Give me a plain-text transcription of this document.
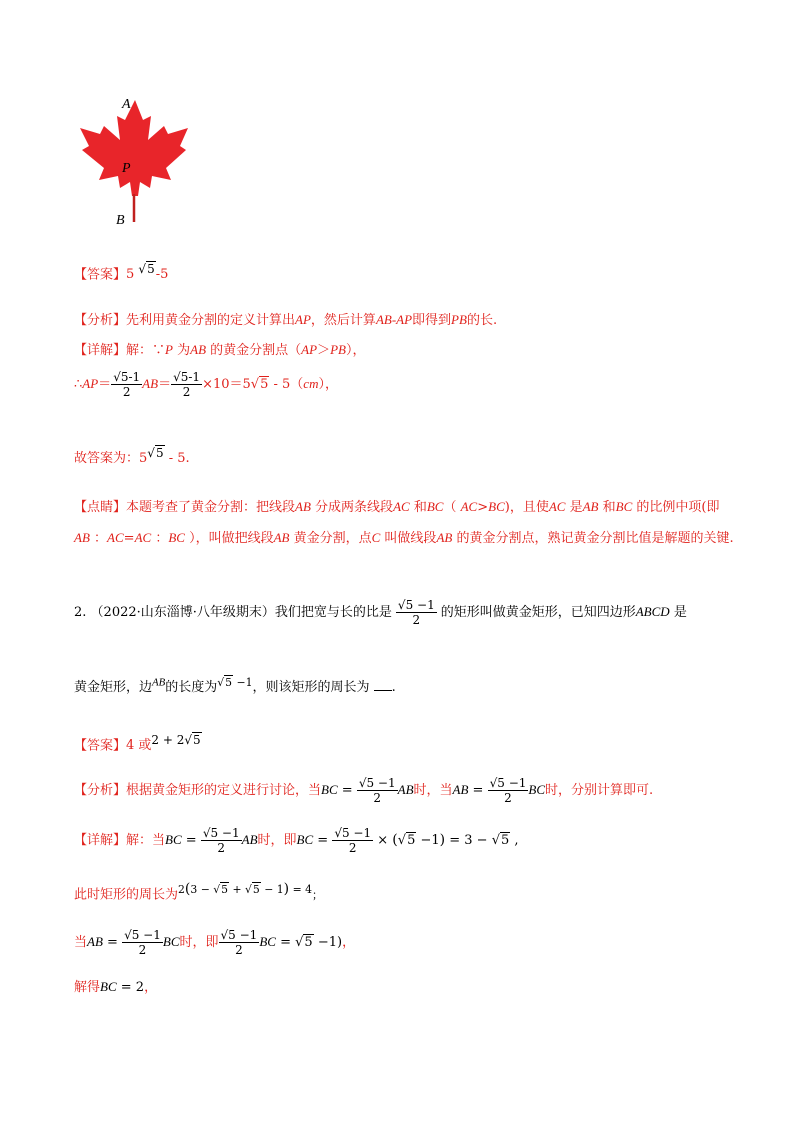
A
P
B
【答案】5 $^{√5}$-5
【分析】先利用黄金分割的定义计算出AP，然后计算AB-AP即得到PB的长.
【详解】解：∵P 为AB 的黄金分割点（AP＞PB），
∴AP＝ $\frac{√5-1}{2} AB= \frac{√5-1}{2} \times 10=5√5 - 5(cm)$，
故答案为：$5^{√5} - 5$.
【点睛】本题考查了黄金分割：把线段AB 分成两条线段AC 和BC（ AC>BC)，且使AC 是AB 和BC 的比例中项(即AB ：AC=AC ：BC ），叫做把线段AB 黄金分割，点C 叫做线段AB 的黄金分割点，熟记黄金分割比值是解题的关键.
2. （2022·山东淄博·八年级期末）我们把宽与长的比是 $\frac{√5 -1}{2}$ 的矩形叫做黄金矩形，已知四边形ABCD 是
黄金矩形，边$^{AB}$的长度为$^{√5 -1}$，则该矩形的周长为 .
【答案】4 或$^{2 + 2√5}$
【分析】根据黄金矩形的定义进行讨论，当BC = $\frac{√5 -1}{2}$ AB时，当AB = $\frac{√5 -1}{2}$ BC时，分别计算即可.
【详解】解：当BC = $\frac{√5 -1}{2}$ AB时，即BC = $\frac{√5 -1}{2} \times (√5 -1) = 3 - √5$ ,
此时矩形的周长为$^{2(3 - √5 + √5 - 1) = 4}$；
当AB = $\frac{√5 -1}{2}$ BC时，即 $\frac{√5 -1}{2}$ BC = √5 −1)，
解得BC = 2，
